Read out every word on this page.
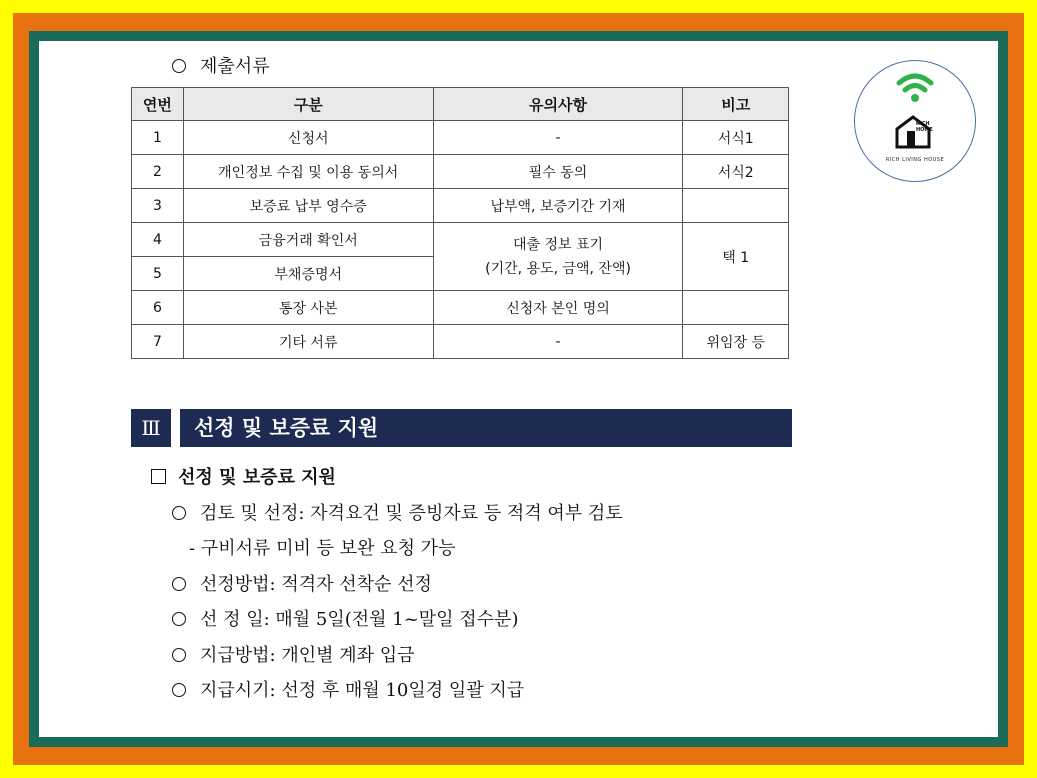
제출서류
연번	구분	유의사항	비고
1	신청서	-	서식1
2	개인정보 수집 및 이용 동의서	필수 동의	서식2
3	보증료 납부 영수증	납부액, 보증기간 기재	
4	금융거래 확인서	대출 정보 표기
(기간, 용도, 금액, 잔액)	택 1
5	부채증명서		
6	통장 사본	신청자 본인 명의	
7	기타 서류	-	위임장 등
RICH
HOME
RICH LIVING HOUSE
Ⅲ	선정 및 보증료 지원
선정 및 보증료 지원
검토 및 선정: 자격요건 및 증빙자료 등 적격 여부 검토
- 구비서류 미비 등 보완 요청 가능
선정방법: 적격자 선착순 선정
선 정 일: 매월 5일(전월 1~말일 접수분)
지급방법: 개인별 계좌 입금
지급시기: 선정 후 매월 10일경 일괄 지급
